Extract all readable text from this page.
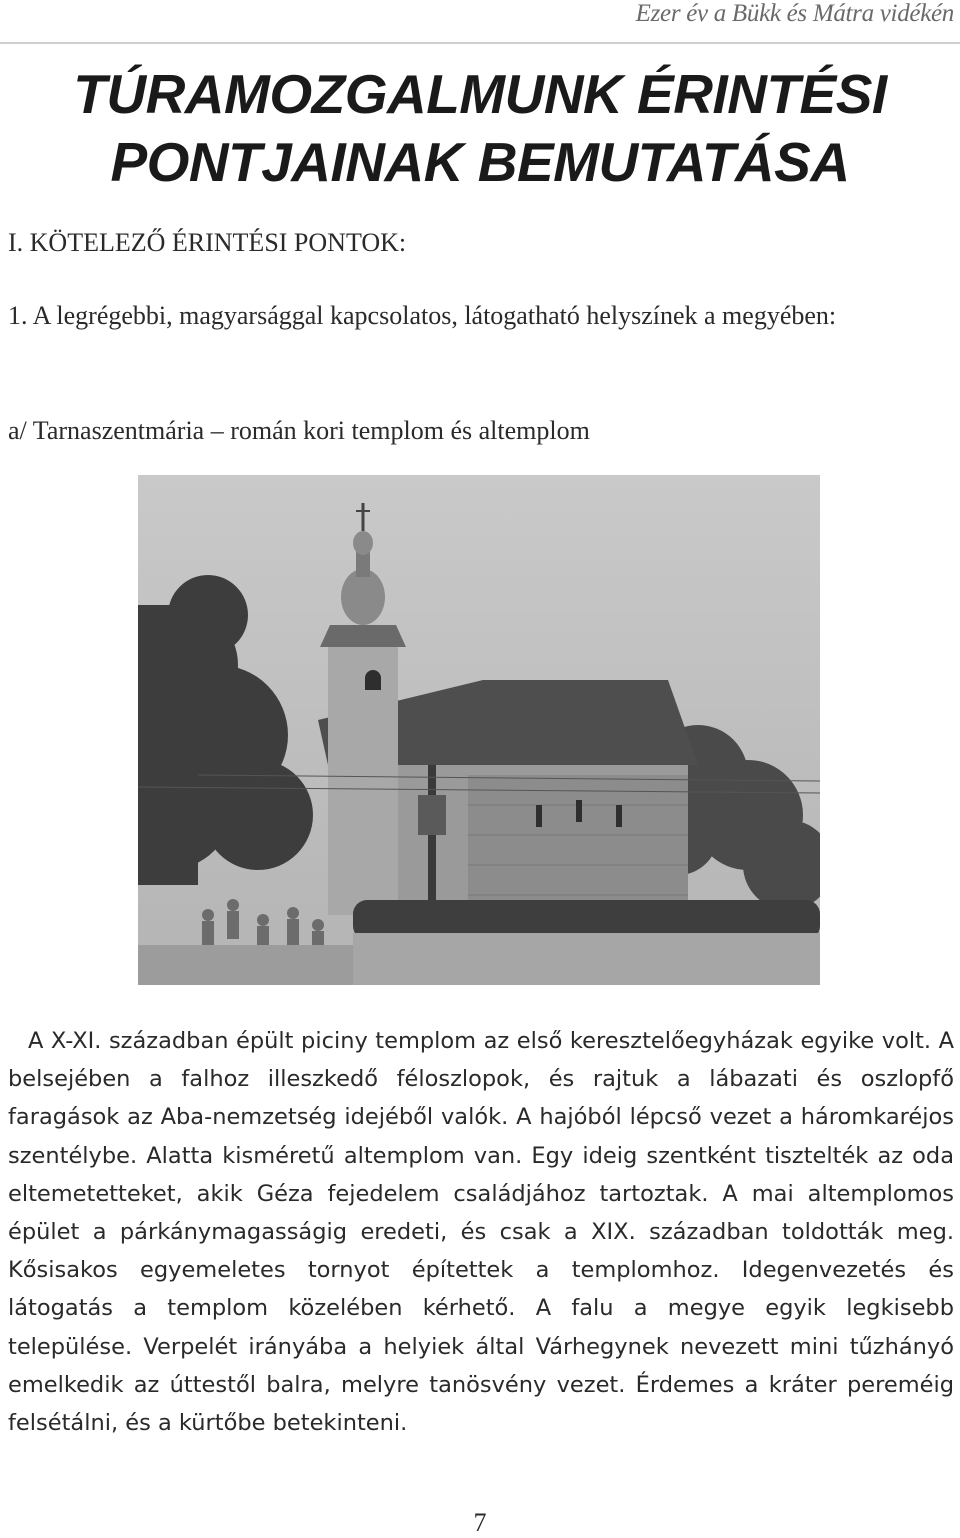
Ezer év a Bükk és Mátra vidékén
TÚRAMOZGALMUNK ÉRINTÉSI
PONTJAINAK BEMUTATÁSA
I. KÖTELEZŐ ÉRINTÉSI PONTOK:
1. A legrégebbi, magyarsággal kapcsolatos, látogatható helyszínek a megyében:
a/ Tarnaszentmária – román kori templom és altemplom

A X-XI. században épült piciny templom az első keresztelőegyházak egyike volt. A belsejében a falhoz illeszkedő féloszlopok, és rajtuk a lábazati és oszlopfő faragások az Aba-nemzetség idejéből valók. A hajóból lépcső vezet a háromkaréjos szentélybe. Alatta kisméretű altemplom van. Egy ideig szentként tisztelték az oda eltemetetteket, akik Géza fejedelem családjához tartoztak. A mai altemplomos épület a párkánymagasságig eredeti, és csak a XIX. században toldották meg. Kősisakos egyemeletes tornyot építettek a templomhoz. Idegenvezetés és látogatás a templom közelében kérhető. A falu a megye egyik legkisebb települése. Verpelét irányába a helyiek által Várhegynek nevezett mini tűzhányó emelkedik az úttestől balra, melyre tanösvény vezet. Érdemes a kráter pereméig felsétálni, és a kürtőbe betekinteni.

7
